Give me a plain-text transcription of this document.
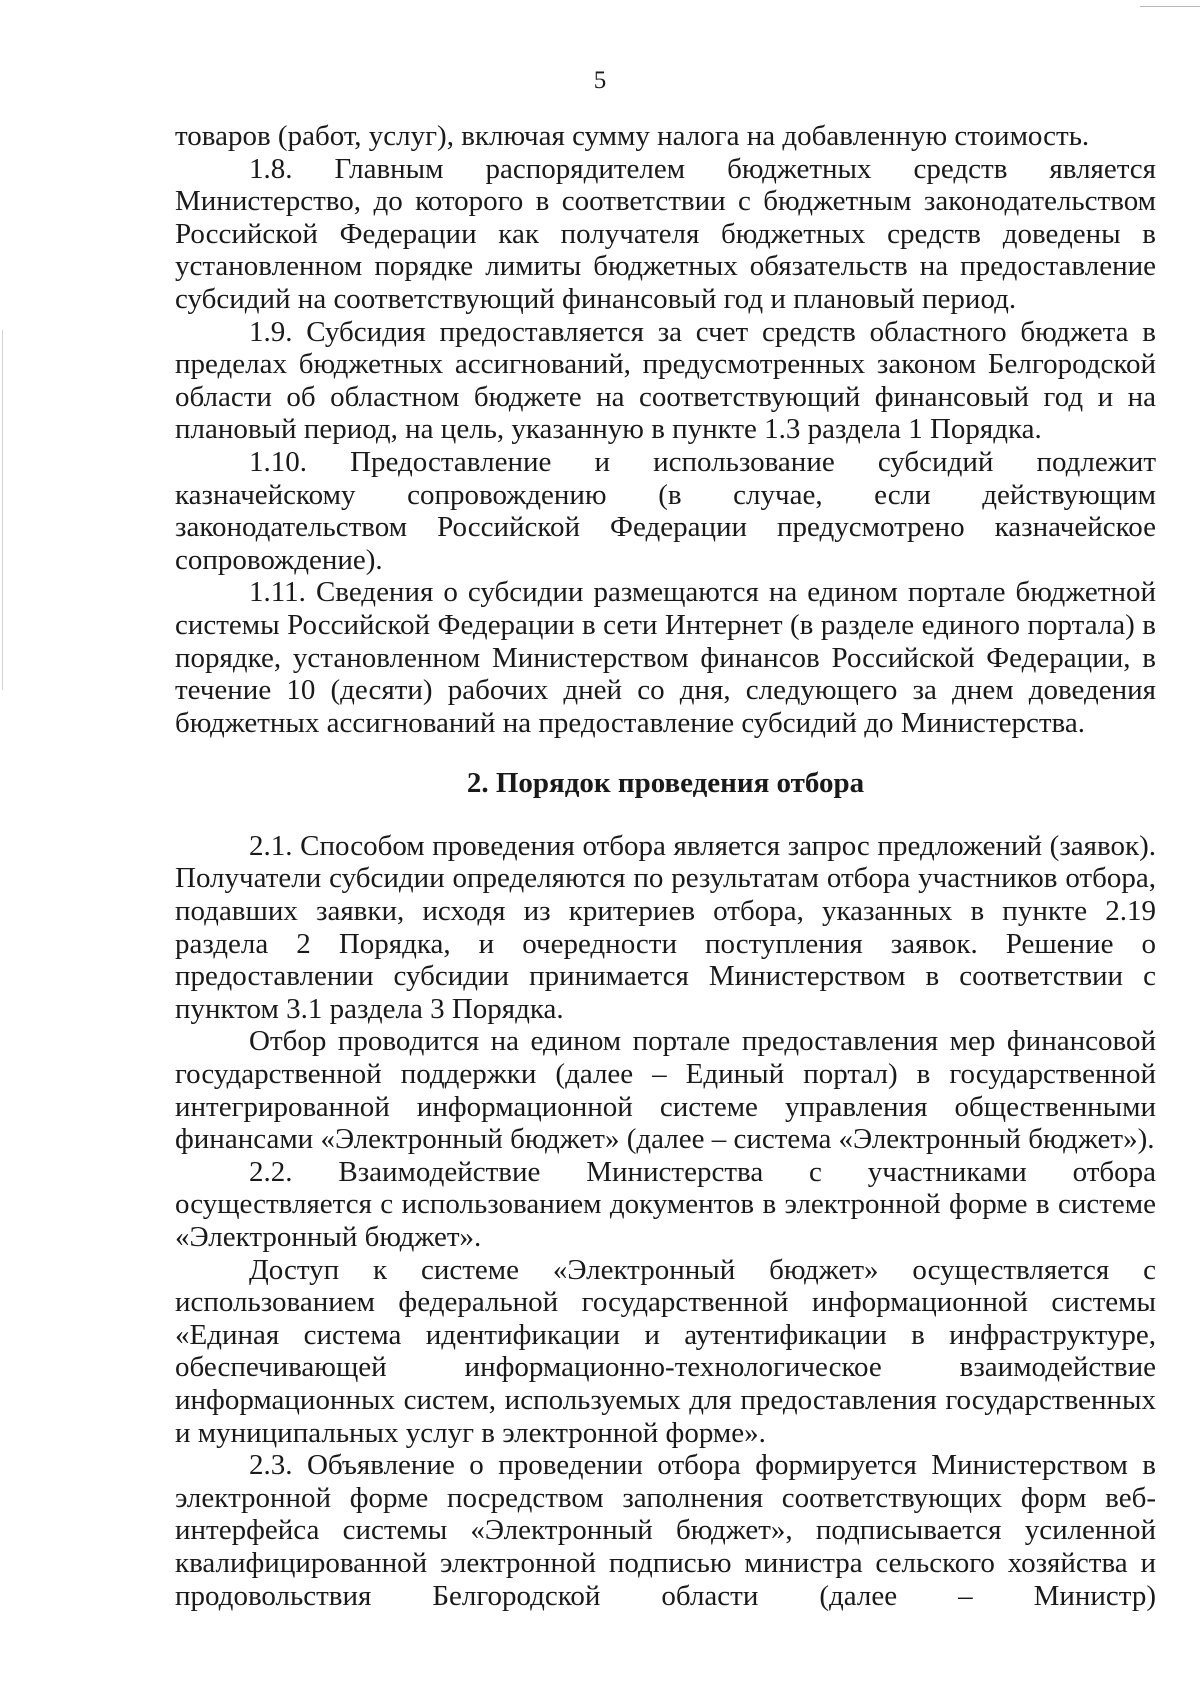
5

товаров (работ, услуг), включая сумму налога на добавленную стоимость.

1.8. Главным распорядителем бюджетных средств является Министерство, до которого в соответствии с бюджетным законодательством Российской Федерации как получателя бюджетных средств доведены в установленном порядке лимиты бюджетных обязательств на предоставление субсидий на соответствующий финансовый год и плановый период.

1.9. Субсидия предоставляется за счет средств областного бюджета в пределах бюджетных ассигнований, предусмотренных законом Белгородской области об областном бюджете на соответствующий финансовый год и на плановый период, на цель, указанную в пункте 1.3 раздела 1 Порядка.

1.10. Предоставление и использование субсидий подлежит казначейскому сопровождению (в случае, если действующим законодательством Российской Федерации предусмотрено казначейское сопровождение).

1.11. Сведения о субсидии размещаются на едином портале бюджетной системы Российской Федерации в сети Интернет (в разделе единого портала) в порядке, установленном Министерством финансов Российской Федерации, в течение 10 (десяти) рабочих дней со дня, следующего за днем доведения бюджетных ассигнований на предоставление субсидий до Министерства.

2. Порядок проведения отбора

2.1. Способом проведения отбора является запрос предложений (заявок). Получатели субсидии определяются по результатам отбора участников отбора, подавших заявки, исходя из критериев отбора, указанных в пункте 2.19 раздела 2 Порядка, и очередности поступления заявок. Решение о предоставлении субсидии принимается Министерством в соответствии с пунктом 3.1 раздела 3 Порядка.

Отбор проводится на едином портале предоставления мер финансовой государственной поддержки (далее – Единый портал) в государственной интегрированной информационной системе управления общественными финансами «Электронный бюджет» (далее – система «Электронный бюджет»).

2.2. Взаимодействие Министерства с участниками отбора осуществляется с использованием документов в электронной форме в системе «Электронный бюджет».

Доступ к системе «Электронный бюджет» осуществляется с использованием федеральной государственной информационной системы «Единая система идентификации и аутентификации в инфраструктуре, обеспечивающей информационно-технологическое взаимодействие информационных систем, используемых для предоставления государственных и муниципальных услуг в электронной форме».

2.3. Объявление о проведении отбора формируется Министерством в электронной форме посредством заполнения соответствующих форм веб-интерфейса системы «Электронный бюджет», подписывается усиленной квалифицированной электронной подписью министра сельского хозяйства и продовольствия Белгородской области (далее – Министр)
